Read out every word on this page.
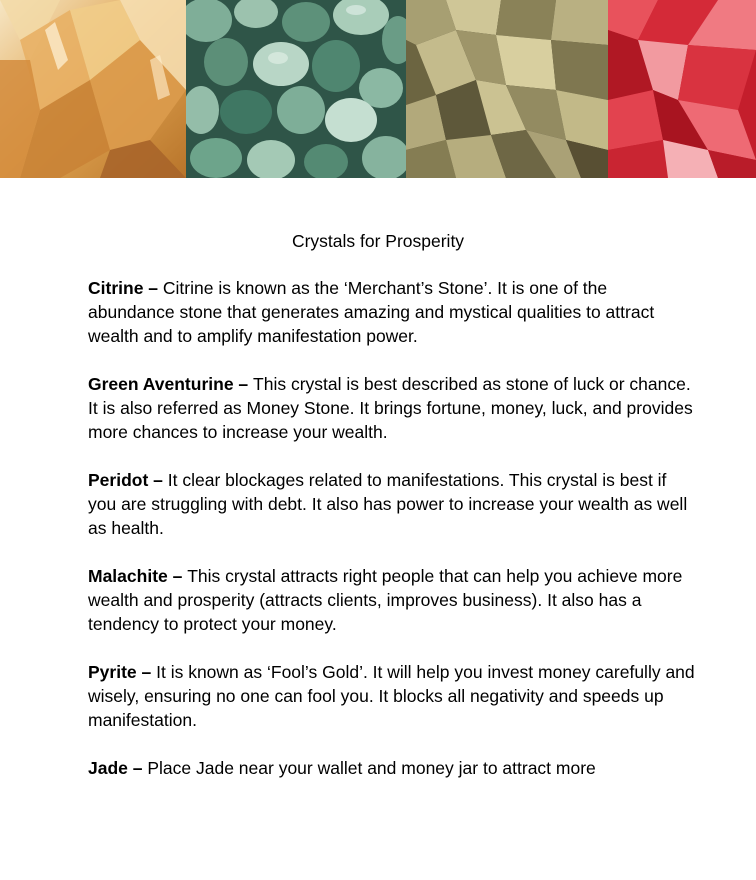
Crystals for Prosperity

Citrine – Citrine is known as the ‘Merchant’s Stone’. It is one of the abundance stone that generates amazing and mystical qualities to attract wealth and to amplify manifestation power.

Green Aventurine – This crystal is best described as stone of luck or chance. It is also referred as Money Stone. It brings fortune, money, luck, and provides more chances to increase your wealth.

Peridot – It clear blockages related to manifestations. This crystal is best if you are struggling with debt. It also has power to increase your wealth as well as health.

Malachite – This crystal attracts right people that can help you achieve more wealth and prosperity (attracts clients, improves business). It also has a tendency to protect your money.

Pyrite – It is known as ‘Fool’s Gold’. It will help you invest money carefully and wisely, ensuring no one can fool you. It blocks all negativity and speeds up manifestation.

Jade – Place Jade near your wallet and money jar to attract more
